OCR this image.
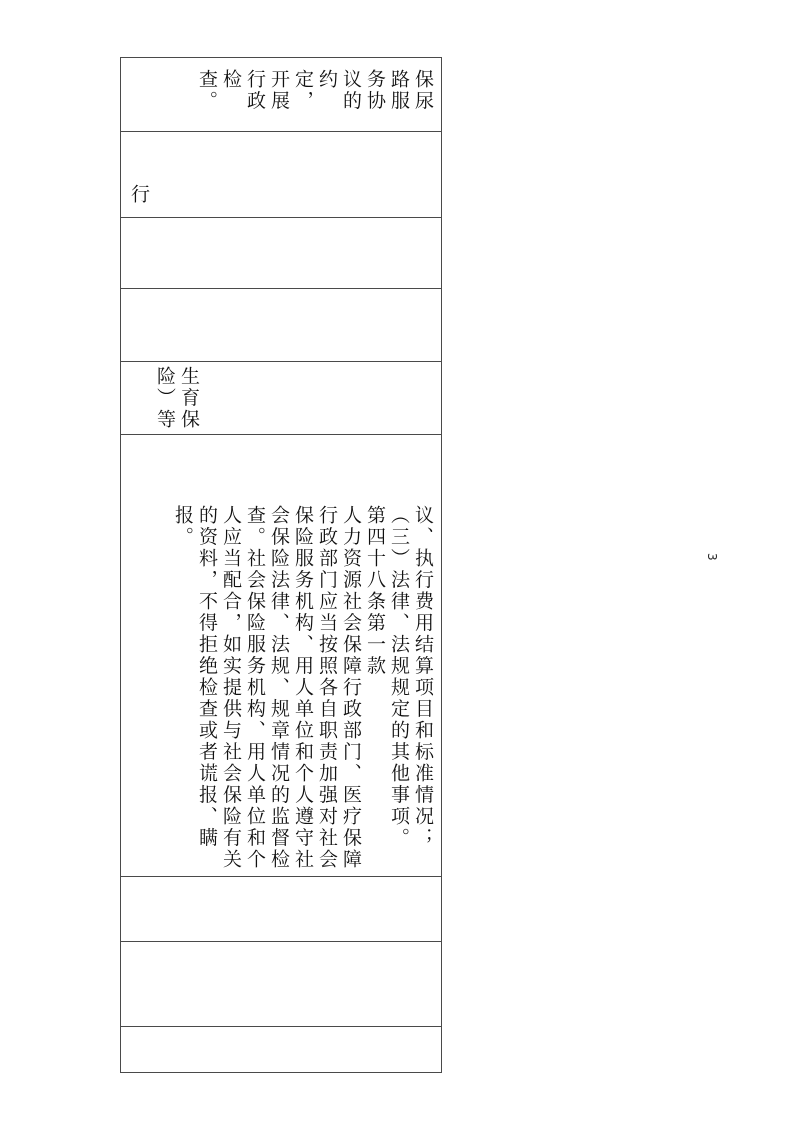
保尿路服务协议的约定，开展行政检查。
行
生育保险）等
议、执行费用结算项目和标准情况；
（三）法律、法规规定的其他事项。
第四十八条第一款
人力资源社会保障行政部门、医疗保障行政部门应当按照各自职责加强对社会保险服务机构、用人单位和个人遵守社会保险法律、法规、规章情况的监督检查。社会保险服务机构、用人单位和个人应当配合，如实提供与社会保险有关的资料，不得拒绝检查或者谎报、瞒报。
3
